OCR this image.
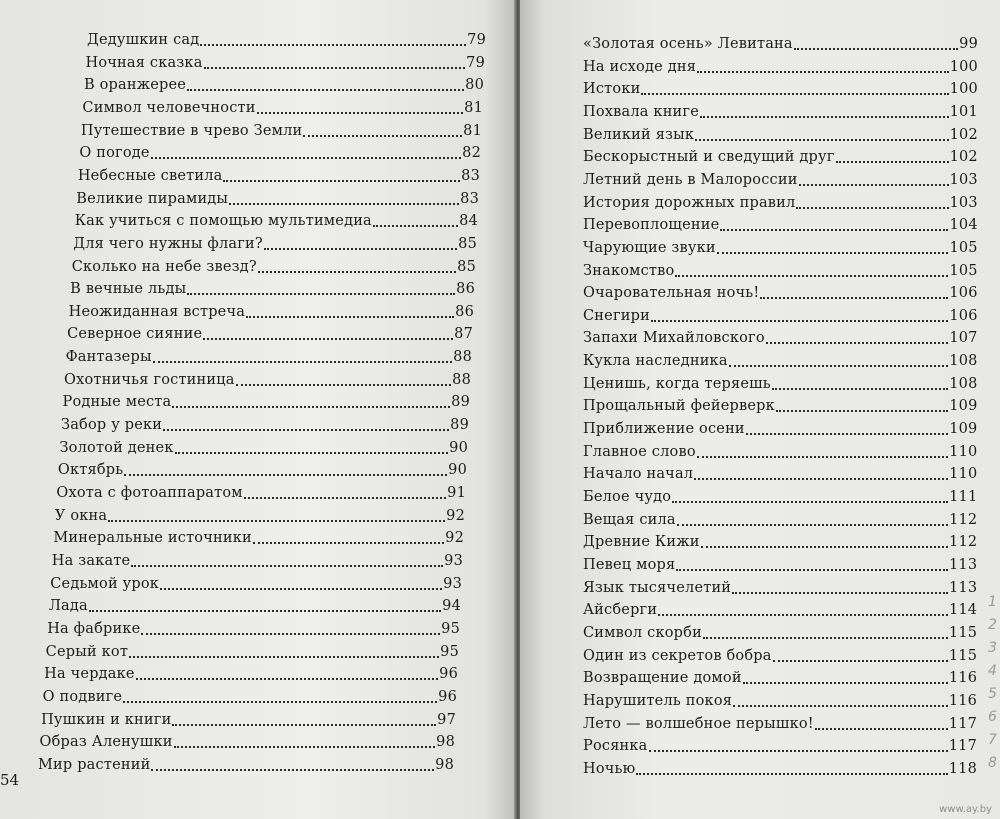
Дедушкин сад	79
Ночная сказка	79
В оранжерее	80
Символ человечности	81
Путешествие в чрево Земли	81
О погоде	82
Небесные светила	83
Великие пирамиды	83
Как учиться с помощью мультимедиа	84
Для чего нужны флаги?	85
Сколько на небе звезд?	85
В вечные льды	86
Неожиданная встреча	86
Северное сияние	87
Фантазеры	88
Охотничья гостиница	88
Родные места	89
Забор у реки	89
Золотой денек	90
Октябрь	90
Охота с фотоаппаратом	91
У окна	92
Минеральные источники	92
На закате	93
Седьмой урок	93
Лада	94
На фабрике	95
Серый кот	95
На чердаке	96
О подвиге	96
Пушкин и книги	97
Образ Аленушки	98
Мир растений	98
54
«Золотая осень» Левитана	99
На исходе дня	100
Истоки	100
Похвала книге	101
Великий язык	102
Бескорыстный и сведущий друг	102
Летний день в Малороссии	103
История дорожных правил	103
Перевоплощение	104
Чарующие звуки	105
Знакомство	105
Очаровательная ночь!	106
Снегири	106
Запахи Михайловского	107
Кукла наследника	108
Ценишь, когда теряешь	108
Прощальный фейерверк	109
Приближение осени	109
Главное слово	110
Начало начал	110
Белое чудо	111
Вещая сила	112
Древние Кижи	112
Певец моря	113
Язык тысячелетий	113
Айсберги	114
Символ скорби	115
Один из секретов бобра	115
Возвращение домой	116
Нарушитель покоя	116
Лето — волшебное перышко!	117
Росянка	117
Ночью	118
1
2
3
4
5
6
7
8
www.ay.by
